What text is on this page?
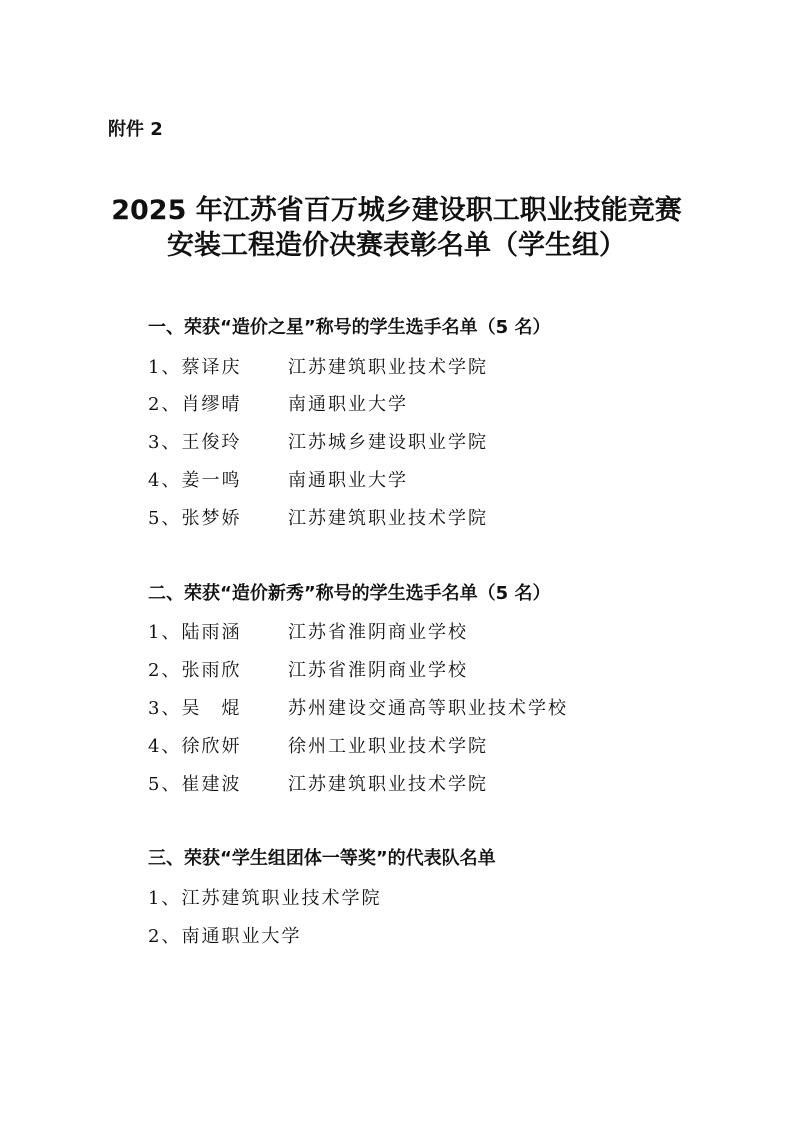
附件 2
2025 年江苏省百万城乡建设职工职业技能竞赛
安装工程造价决赛表彰名单（学生组）
一、荣获“造价之星”称号的学生选手名单（5 名）
1、蔡译庆	江苏建筑职业技术学院
2、肖缪晴	南通职业大学
3、王俊玲	江苏城乡建设职业学院
4、姜一鸣	南通职业大学
5、张梦娇	江苏建筑职业技术学院
二、荣获“造价新秀”称号的学生选手名单（5 名）
1、陆雨涵	江苏省淮阴商业学校
2、张雨欣	江苏省淮阴商业学校
3、吴　焜	苏州建设交通高等职业技术学校
4、徐欣妍	徐州工业职业技术学院
5、崔建波	江苏建筑职业技术学院
三、荣获“学生组团体一等奖”的代表队名单
1、江苏建筑职业技术学院
2、南通职业大学
